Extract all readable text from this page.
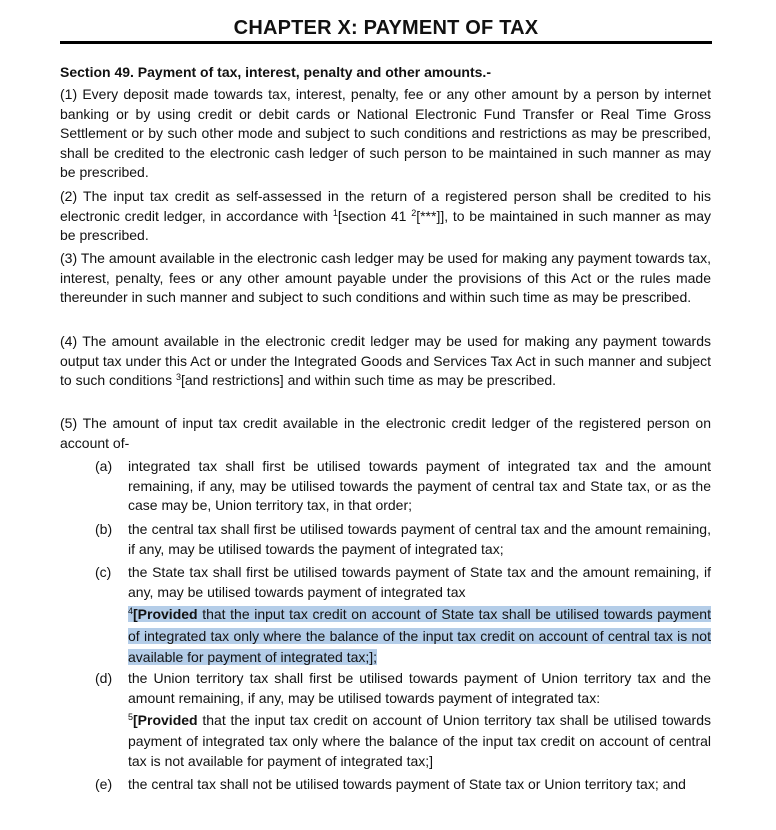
CHAPTER X: PAYMENT OF TAX
Section 49. Payment of tax, interest, penalty and other amounts.-
(1) Every deposit made towards tax, interest, penalty, fee or any other amount by a person by internet banking or by using credit or debit cards or National Electronic Fund Transfer or Real Time Gross Settlement or by such other mode and subject to such conditions and restrictions as may be prescribed, shall be credited to the electronic cash ledger of such person to be maintained in such manner as may be prescribed.
(2) The input tax credit as self-assessed in the return of a registered person shall be credited to his electronic credit ledger, in accordance with $^1$[section 41 $^2$[***]], to be maintained in such manner as may be prescribed.
(3) The amount available in the electronic cash ledger may be used for making any payment towards tax, interest, penalty, fees or any other amount payable under the provisions of this Act or the rules made thereunder in such manner and subject to such conditions and within such time as may be prescribed.
(4) The amount available in the electronic credit ledger may be used for making any payment towards output tax under this Act or under the Integrated Goods and Services Tax Act in such manner and subject to such conditions $^3$[and restrictions] and within such time as may be prescribed.
(5) The amount of input tax credit available in the electronic credit ledger of the registered person on account of-
(a)	integrated tax shall first be utilised towards payment of integrated tax and the amount remaining, if any, may be utilised towards the payment of central tax and State tax, or as the case may be, Union territory tax, in that order;
(b)	the central tax shall first be utilised towards payment of central tax and the amount remaining, if any, may be utilised towards the payment of integrated tax;
(c)	the State tax shall first be utilised towards payment of State tax and the amount remaining, if any, may be utilised towards payment of integrated tax
$^4$[Provided that the input tax credit on account of State tax shall be utilised towards payment of integrated tax only where the balance of the input tax credit on account of central tax is not available for payment of integrated tax;];
(d)	the Union territory tax shall first be utilised towards payment of Union territory tax and the amount remaining, if any, may be utilised towards payment of integrated tax:
$^5$[Provided that the input tax credit on account of Union territory tax shall be utilised towards payment of integrated tax only where the balance of the input tax credit on account of central tax is not available for payment of integrated tax;]
(e)	the central tax shall not be utilised towards payment of State tax or Union territory tax; and
